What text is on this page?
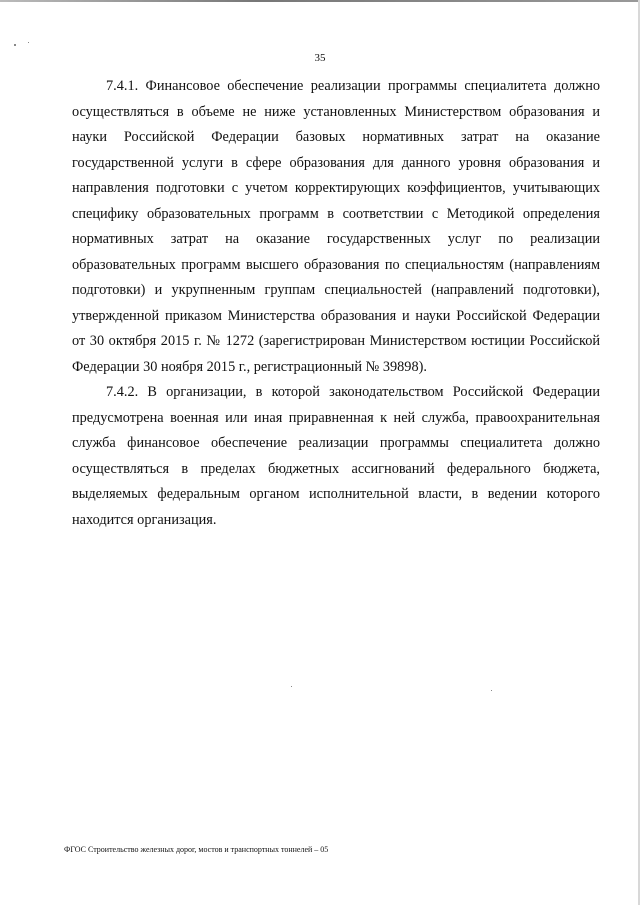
35

7.4.1. Финансовое обеспечение реализации программы специалитета должно осуществляться в объеме не ниже установленных Министерством образования и науки Российской Федерации базовых нормативных затрат на оказание государственной услуги в сфере образования для данного уровня образования и направления подготовки с учетом корректирующих коэффициентов, учитывающих специфику образовательных программ в соответствии с Методикой определения нормативных затрат на оказание государственных услуг по реализации образовательных программ высшего образования по специальностям (направлениям подготовки) и укрупненным группам специальностей (направлений подготовки), утвержденной приказом Министерства образования и науки Российской Федерации от 30 октября 2015 г. № 1272 (зарегистрирован Министерством юстиции Российской Федерации 30 ноября 2015 г., регистрационный № 39898).

7.4.2. В организации, в которой законодательством Российской Федерации предусмотрена военная или иная приравненная к ней служба, правоохранительная служба финансовое обеспечение реализации программы специалитета должно осуществляться в пределах бюджетных ассигнований федерального бюджета, выделяемых федеральным органом исполнительной власти, в ведении которого находится организация.

ФГОС Строительство железных дорог, мостов и транспортных тоннелей – 05
